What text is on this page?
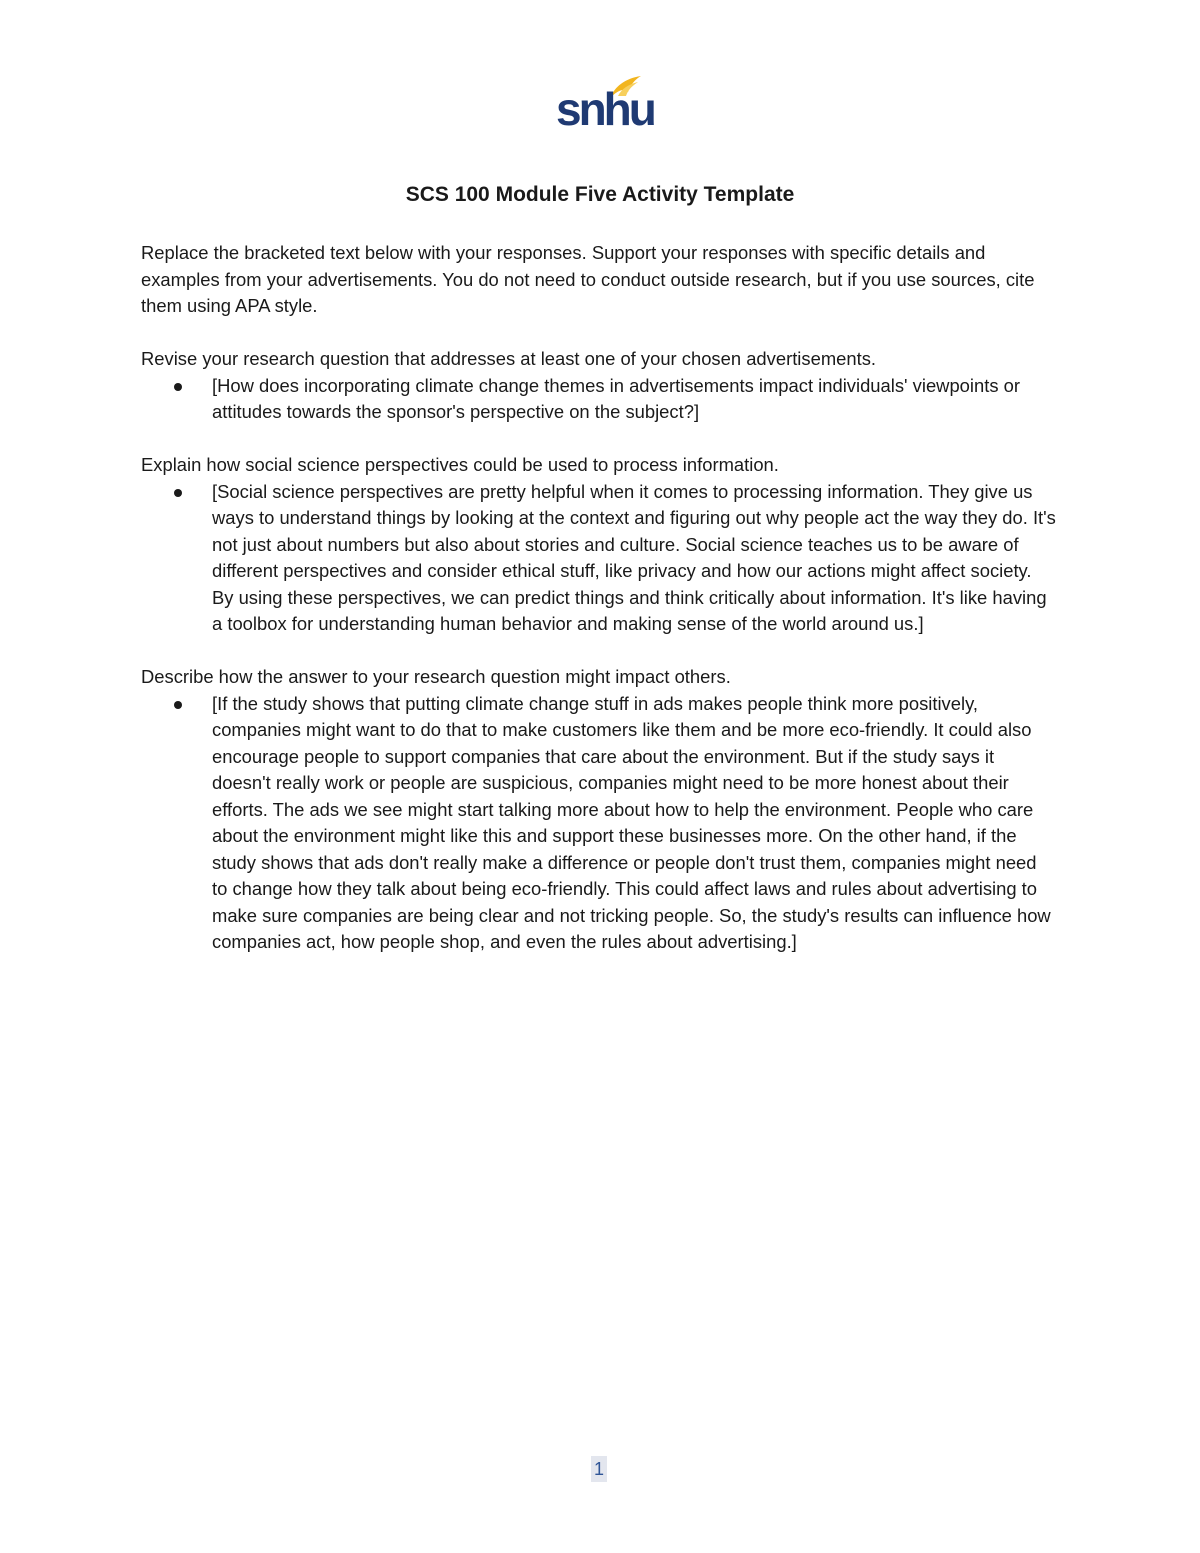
snhu
SCS 100 Module Five Activity Template

Replace the bracketed text below with your responses. Support your responses with specific details and examples from your advertisements. You do not need to conduct outside research, but if you use sources, cite them using APA style.

Revise your research question that addresses at least one of your chosen advertisements.

[How does incorporating climate change themes in advertisements impact individuals' viewpoints or attitudes towards the sponsor's perspective on the subject?]

Explain how social science perspectives could be used to process information.

[Social science perspectives are pretty helpful when it comes to processing information. They give us ways to understand things by looking at the context and figuring out why people act the way they do. It's not just about numbers but also about stories and culture. Social science teaches us to be aware of different perspectives and consider ethical stuff, like privacy and how our actions might affect society. By using these perspectives, we can predict things and think critically about information. It's like having a toolbox for understanding human behavior and making sense of the world around us.]

Describe how the answer to your research question might impact others.

[If the study shows that putting climate change stuff in ads makes people think more positively, companies might want to do that to make customers like them and be more eco-friendly. It could also encourage people to support companies that care about the environment. But if the study says it doesn't really work or people are suspicious, companies might need to be more honest about their efforts. The ads we see might start talking more about how to help the environment. People who care about the environment might like this and support these businesses more. On the other hand, if the study shows that ads don't really make a difference or people don't trust them, companies might need to change how they talk about being eco-friendly. This could affect laws and rules about advertising to make sure companies are being clear and not tricking people. So, the study's results can influence how companies act, how people shop, and even the rules about advertising.]
1
